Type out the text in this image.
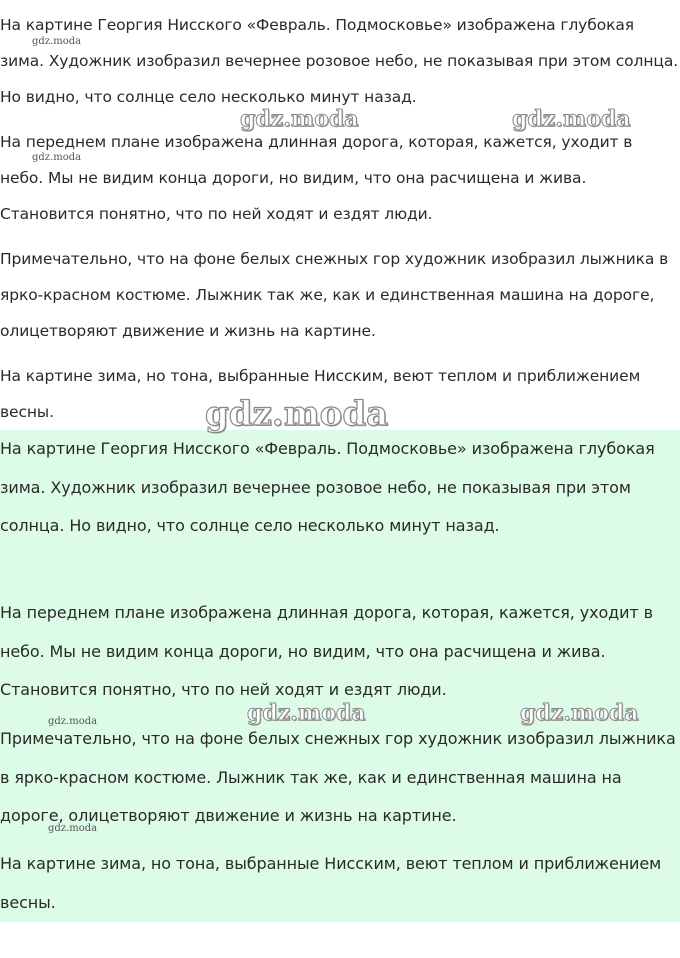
На картине Георгия Нисского «Февраль. Подмосковье» изображена глубокая зима. Художник изобразил вечернее розовое небо, не показывая при этом солнца. Но видно, что солнце село несколько минут назад.

На переднем плане изображена длинная дорога, которая, кажется, уходит в небо. Мы не видим конца дороги, но видим, что она расчищена и жива. Становится понятно, что по ней ходят и ездят люди.

Примечательно, что на фоне белых снежных гор художник изобразил лыжника в ярко-красном костюме. Лыжник так же, как и единственная машина на дороге, олицетворяют движение и жизнь на картине.

На картине зима, но тона, выбранные Нисским, веют теплом и приближением весны.

На картине Георгия Нисского «Февраль. Подмосковье» изображена глубокая зима. Художник изобразил вечернее розовое небо, не показывая при этом солнца. Но видно, что солнце село несколько минут назад.

На переднем плане изображена длинная дорога, которая, кажется, уходит в небо. Мы не видим конца дороги, но видим, что она расчищена и жива. Становится понятно, что по ней ходят и ездят люди.

Примечательно, что на фоне белых снежных гор художник изобразил лыжника в ярко-красном костюме. Лыжник так же, как и единственная машина на дороге, олицетворяют движение и жизнь на картине.

На картине зима, но тона, выбранные Нисским, веют теплом и приближением весны.

gdz.moda
gdz.moda	gdz.moda
gdz.moda
gdz.moda
gdz.moda	gdz.moda	gdz.moda
gdz.moda
